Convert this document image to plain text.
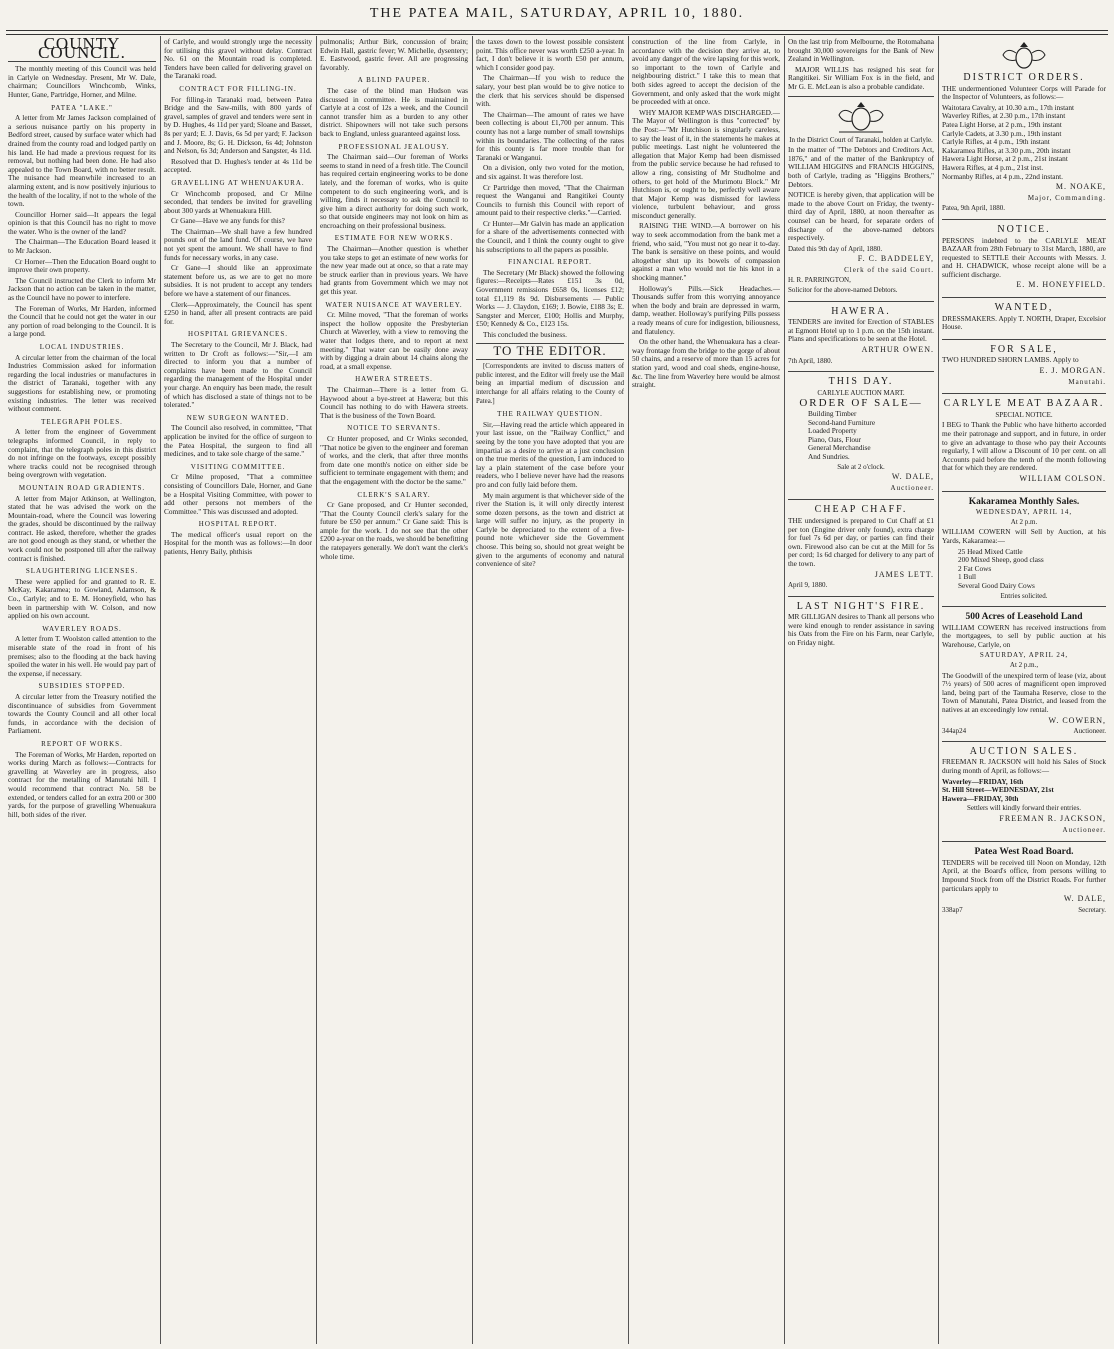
THE PATEA MAIL, SATURDAY, APRIL 10, 1880.
COUNTY COUNCIL.

The monthly meeting of this Council was held in Carlyle on Wednesday. Present, Mr W. Dale, chairman; Councillors Winchcomb, Winks, Hunter, Gane, Partridge, Horner, and Milne.

PATEA "LAKE."

A letter from Mr James Jackson complained of a serious nuisance partly on his property in Bedford street, caused by surface water which had drained from the county road and lodged partly on his land. He had made a previous request for its removal, but nothing had been done. He had also appealed to the Town Board, with no better result. The nuisance had meanwhile increased to an alarming extent, and is now positively injurious to the health of the locality, if not to the whole of the town.

Councillor Horner said—It appears the legal opinion is that this Council has no right to move the water. Who is the owner of the land?

The Chairman—The Education Board leased it to Mr Jackson.

Cr Horner—Then the Education Board ought to improve their own property.

The Council instructed the Clerk to inform Mr Jackson that no action can be taken in the matter, as the Council have no power to interfere.

The Foreman of Works, Mr Harden, informed the Council that he could not get the water in our any portion of road belonging to the Council. It is a large pond.

LOCAL INDUSTRIES.

A circular letter from the chairman of the local Industries Commission asked for information regarding the local industries or manufactures in the district of Taranaki, together with any suggestions for establishing new, or promoting existing industries. The letter was received without comment.

TELEGRAPH POLES.

A letter from the engineer of Government telegraphs informed Council, in reply to complaint, that the telegraph poles in this district do not infringe on the footways, except possibly where tracks could not be recognised through being overgrown with vegetation.

MOUNTAIN ROAD GRADIENTS.

A letter from Major Atkinson, at Wellington, stated that he was advised the work on the Mountain-road, where the Council was lowering the grades, should be discontinued by the railway contract. He asked, therefore, whether the grades are not good enough as they stand, or whether the work could not be postponed till after the railway contract is finished.

SLAUGHTERING LICENSES.

These were applied for and granted to R. E. McKay, Kakaramea; to Gowland, Adamson, & Co., Carlyle; and to E. M. Honeyfield, who has been in partnership with W. Colson, and now applied on his own account.

WAVERLEY ROADS.

A letter from T. Woolston called attention to the miserable state of the road in front of his premises; also to the flooding at the back having spoiled the water in his well. He would pay part of the expense, if necessary.

SUBSIDIES STOPPED.

A circular letter from the Treasury notified the discontinuance of subsidies from Government towards the County Council and all other local funds, in accordance with the decision of Parliament.

REPORT OF WORKS.

The Foreman of Works, Mr Harden, reported on works during March as follows:—Contracts for gravelling at Waverley are in progress, also contract for the metalling of Manutahi hill. I would recommend that contract No. 58 be extended, or tenders called for an extra 200 or 300 yards, for the purpose of gravelling Whenuakura hill, both sides of the river.

of Carlyle, and would strongly urge the necessity for utilising this gravel without delay. Contract No. 61 on the Mountain road is completed. Tenders have been called for delivering gravel on the Taranaki road.

CONTRACT FOR FILLING-IN.

For filling-in Taranaki road, between Patea Bridge and the Saw-mills, with 800 yards of gravel, samples of gravel and tenders were sent in by D. Hughes, 4s 11d per yard; Sloane and Basset, 8s per yard; E. J. Davis, 6s 5d per yard; F. Jackson and J. Moore, 8s; G. H. Dickson, 6s 4d; Johnston and Nelson, 6s 3d; Anderson and Sangster, 4s 11d.

Resolved that D. Hughes's tender at 4s 11d be accepted.

GRAVELLING AT WHENUAKURA.

Cr Winchcomb proposed, and Cr Milne seconded, that tenders be invited for gravelling about 300 yards at Whenuakura Hill.

Cr Gane—Have we any funds for this?

The Chairman—We shall have a few hundred pounds out of the land fund. Of course, we have not yet spent the amount. We shall have to find funds for necessary works, in any case.

Cr Gane—I should like an approximate statement before us, as we are to get no more subsidies. It is not prudent to accept any tenders before we have a statement of our finances.

Clerk—Approximately, the Council has spent £250 in hand, after all present contracts are paid for.

HOSPITAL GRIEVANCES.

The Secretary to the Council, Mr J. Black, had written to Dr Croft as follows:—"Sir,—I am directed to inform you that a number of complaints have been made to the Council regarding the management of the Hospital under your charge. An enquiry has been made, the result of which has disclosed a state of things not to be tolerated."

NEW SURGEON WANTED.

The Council also resolved, in committee, "That application be invited for the office of surgeon to the Patea Hospital, the surgeon to find all medicines, and to take sole charge of the same."

VISITING COMMITTEE.

Cr Milne proposed, "That a committee consisting of Councillors Dale, Horner, and Gane be a Hospital Visiting Committee, with power to add other persons not members of the Committee." This was discussed and adopted.

HOSPITAL REPORT.

The medical officer's usual report on the Hospital for the month was as follows:—In door patients, Henry Baily, phthisis

pulmonalis; Arthur Birk, concussion of brain; Edwin Hall, gastric fever; W. Michelle, dysentery; E. Eastwood, gastric fever. All are progressing favorably.

A BLIND PAUPER.

The case of the blind man Hudson was discussed in committee. He is maintained in Carlyle at a cost of 12s a week, and the Council cannot transfer him as a burden to any other district. Shipowners will not take such persons back to England, unless guaranteed against loss.

PROFESSIONAL JEALOUSY.

The Chairman said—Our foreman of Works seems to stand in need of a fresh title. The Council has required certain engineering works to be done lately, and the foreman of works, who is quite competent to do such engineering work, and is willing, finds it necessary to ask the Council to give him a direct authority for doing such work, so that outside engineers may not look on him as encroaching on their professional business.

ESTIMATE FOR NEW WORKS.

The Chairman—Another question is whether you take steps to get an estimate of new works for the new year made out at once, so that a rate may be struck earlier than in previous years. We have had grants from Government which we may not get this year.

WATER NUISANCE AT WAVERLEY.

Cr. Milne moved, "That the foreman of works inspect the hollow opposite the Presbyterian Church at Waverley, with a view to removing the water that lodges there, and to report at next meeting." That water can be easily done away with by digging a drain about 14 chains along the road, at a small expense.

HAWERA STREETS.

The Chairman—There is a letter from G. Haywood about a bye-street at Hawera; but this Council has nothing to do with Hawera streets. That is the business of the Town Board.

NOTICE TO SERVANTS.

Cr Hunter proposed, and Cr Winks seconded, "That notice be given to the engineer and foreman of works, and the clerk, that after three months from date one month's notice on either side be sufficient to terminate engagement with them; and that the engagement with the doctor be the same."

CLERK'S SALARY.

Cr Gane proposed, and Cr Hunter seconded, "That the County Council clerk's salary for the future be £50 per annum." Cr Gane said: This is ample for the work. I do not see that the other £200 a-year on the roads, we should be benefitting the ratepayers generally. We don't want the clerk's whole time.

the taxes down to the lowest possible consistent point. This office never was worth £250 a-year. In fact, I don't believe it is worth £50 per annum, which I consider good pay.

The Chairman—If you wish to reduce the salary, your best plan would be to give notice to the clerk that his services should be dispensed with.

The Chairman—The amount of rates we have been collecting is about £1,700 per annum. This county has not a large number of small townships within its boundaries. The collecting of the rates for this county is far more trouble than for Taranaki or Wanganui.

On a division, only two voted for the motion, and six against. It was therefore lost.

Cr Partridge then moved, "That the Chairman request the Wanganui and Rangitikei County Councils to furnish this Council with report of amount paid to their respective clerks."—Carried.

Cr Hunter—Mr Galvin has made an application for a share of the advertisements connected with the Council, and I think the county ought to give his subscriptions to all the papers as possible.

FINANCIAL REPORT.

The Secretary (Mr Black) showed the following figures:—Receipts—Rates £151 3s 0d, Government remissions £658 0s, licenses £12; total £1,119 8s 9d. Disbursements — Public Works — J. Claydon, £169; J. Bowie, £188 3s; E. Sangster and Mercer, £100; Hollis and Murphy, £50; Kennedy & Co., £123 15s.

This concluded the business.

TO THE EDITOR.

[Correspondents are invited to discuss matters of public interest, and the Editor will freely use the Mail being an impartial medium of discussion and interchange for all affairs relating to the County of Patea.]

THE RAILWAY QUESTION.

Sir,—Having read the article which appeared in your last issue, on the "Railway Conflict," and seeing by the tone you have adopted that you are impartial as a desire to arrive at a just conclusion on the true merits of the question, I am induced to lay a plain statement of the case before your readers, who I believe never have had the reasons pro and con fully laid before them.

My main argument is that whichever side of the river the Station is, it will only directly interest some dozen persons, as the town and district at large will suffer no injury, as the property in Carlyle be depreciated to the extent of a five-pound note whichever side the Government choose. This being so, should not great weight be given to the arguments of economy and natural convenience of site?

construction of the line from Carlyle, in accordance with the decision they arrive at, to avoid any danger of the wire lapsing for this work, so important to the town of Carlyle and neighbouring district." I take this to mean that both sides agreed to accept the decision of the Government, and only asked that the work might be proceeded with at once.

WHY MAJOR KEMP WAS DISCHARGED.—The Mayor of Wellington is thus "corrected" by the Post:—"Mr Hutchison is singularly careless, to say the least of it, in the statements he makes at public meetings. Last night he volunteered the allegation that Major Kemp had been dismissed from the public service because he had refused to allow a ring, consisting of Mr Studholme and others, to get hold of the Murimotu Block." Mr Hutchison is, or ought to be, perfectly well aware that Major Kemp was dismissed for lawless violence, turbulent behaviour, and gross misconduct generally.

RAISING THE WIND.—A borrower on his way to seek accommodation from the bank met a friend, who said, "You must not go near it to-day. The bank is sensitive on these points, and would altogether shut up its bowels of compassion against a man who would not tie his knot in a shocking manner."

Holloway's Pills.—Sick Headaches.—Thousands suffer from this worrying annoyance when the body and brain are depressed in warm, damp, weather. Holloway's purifying Pills possess a ready means of cure for indigestion, biliousness, and flatulency.

On the other hand, the Whenuakura has a clear-way frontage from the bridge to the gorge of about 50 chains, and a reserve of more than 15 acres for station yard, wood and coal sheds, engine-house, &c. The line from Waverley here would be almost straight.

On the last trip from Melbourne, the Rotomahana brought 30,000 sovereigns for the Bank of New Zealand in Wellington.

MAJOR WILLIS has resigned his seat for Rangitikei. Sir William Fox is in the field, and Mr G. E. McLean is also a probable candidate.

In the District Court of Taranaki, holden at Carlyle.
In the matter of "The Debtors and Creditors Act, 1876," and of the matter of the Bankruptcy of WILLIAM HIGGINS and FRANCIS HIGGINS, both of Carlyle, trading as "Higgins Brothers," Debtors.
NOTICE is hereby given, that application will be made to the above Court on Friday, the twenty-third day of April, 1880, at noon thereafter as counsel can be heard, for separate orders of discharge of the above-named debtors respectively.
Dated this 9th day of April, 1880.
F. C. BADDELEY,
Clerk of the said Court.
H. R. PARRINGTON,
Solicitor for the above-named Debtors.
HAWERA.
TENDERS are invited for Erection of STABLES at Egmont Hotel up to 1 p.m. on the 15th instant. Plans and specifications to be seen at the Hotel.
ARTHUR OWEN.
7th April, 1880.
THIS DAY.
CARLYLE AUCTION MART.
ORDER OF SALE—
Building Timber
Second-hand Furniture
Loaded Property
Piano, Oats, Flour
General Merchandise
And Sundries.
Sale at 2 o'clock.
W. DALE,
Auctioneer.
CHEAP CHAFF.
THE undersigned is prepared to Cut Chaff at £1 per ton (Engine driver only found), extra charge for fuel 7s 6d per day, or parties can find their own. Firewood also can be cut at the Mill for 5s per cord; 1s 6d charged for delivery to any part of the town.
JAMES LETT.
April 9, 1880.
LAST NIGHT'S FIRE.
MR GILLIGAN desires to Thank all persons who were kind enough to render assistance in saving his Oats from the Fire on his Farm, near Carlyle, on Friday night.
DISTRICT ORDERS.
THE undermentioned Volunteer Corps will Parade for the Inspector of Volunteers, as follows:—
Waitotara Cavalry, at 10.30 a.m., 17th instant
Waverley Rifles, at 2.30 p.m., 17th instant
Patea Light Horse, at 2 p.m., 19th instant
Carlyle Cadets, at 3.30 p.m., 19th instant
Carlyle Rifles, at 4 p.m., 19th instant
Kakaramea Rifles, at 3.30 p.m., 20th instant
Hawera Light Horse, at 2 p.m., 21st instant
Hawera Rifles, at 4 p.m., 21st inst.
Normanby Rifles, at 4 p.m., 22nd instant.
M. NOAKE,
Major, Commanding.
Patea, 9th April, 1880.
NOTICE.
PERSONS indebted to the CARLYLE MEAT BAZAAR from 28th February to 31st March, 1880, are requested to SETTLE their Accounts with Messrs. J. and H. CHADWICK, whose receipt alone will be a sufficient discharge.
E. M. HONEYFIELD.
WANTED,
DRESSMAKERS. Apply T. NORTH, Draper, Excelsior House.
FOR SALE,
TWO HUNDRED SHORN LAMBS. Apply to
E. J. MORGAN.
Manutahi.
CARLYLE MEAT BAZAAR.
SPECIAL NOTICE.
I BEG to Thank the Public who have hitherto accorded me their patronage and support, and in future, in order to give an advantage to those who pay their Accounts regularly, I will allow a Discount of 10 per cent. on all Accounts paid before the tenth of the month following that for which they are rendered.
WILLIAM COLSON.
Kakaramea Monthly Sales.
WEDNESDAY, APRIL 14,
At 2 p.m.
WILLIAM COWERN will Sell by Auction, at his Yards, Kakaramea:—
25 Head Mixed Cattle
200 Mixed Sheep, good class
2 Fat Cows
1 Bull
Several Good Dairy Cows
Entries solicited.
500 Acres of Leasehold Land
WILLIAM COWERN has received instructions from the mortgagees, to sell by public auction at his Warehouse, Carlyle, on
SATURDAY, APRIL 24,
At 2 p.m.,
The Goodwill of the unexpired term of lease (viz, about 7½ years) of 500 acres of magnificent open improved land, being part of the Taumaha Reserve, close to the Town of Manutahi, Patea District, and leased from the natives at an exceedingly low rental.
W. COWERN,
344ap24	Auctioneer.
AUCTION SALES.
FREEMAN R. JACKSON will hold his Sales of Stock during month of April, as follows:—
Waverley—FRIDAY, 16th
St. Hill Street—WEDNESDAY, 21st
Hawera—FRIDAY, 30th
Settlers will kindly forward their entries.
FREEMAN R. JACKSON,
Auctioneer.
Patea West Road Board.
TENDERS will be received till Noon on Monday, 12th April, at the Board's office, from persons willing to Impound Stock from off the District Roads. For further particulars apply to
W. DALE,
338ap7	Secretary.
